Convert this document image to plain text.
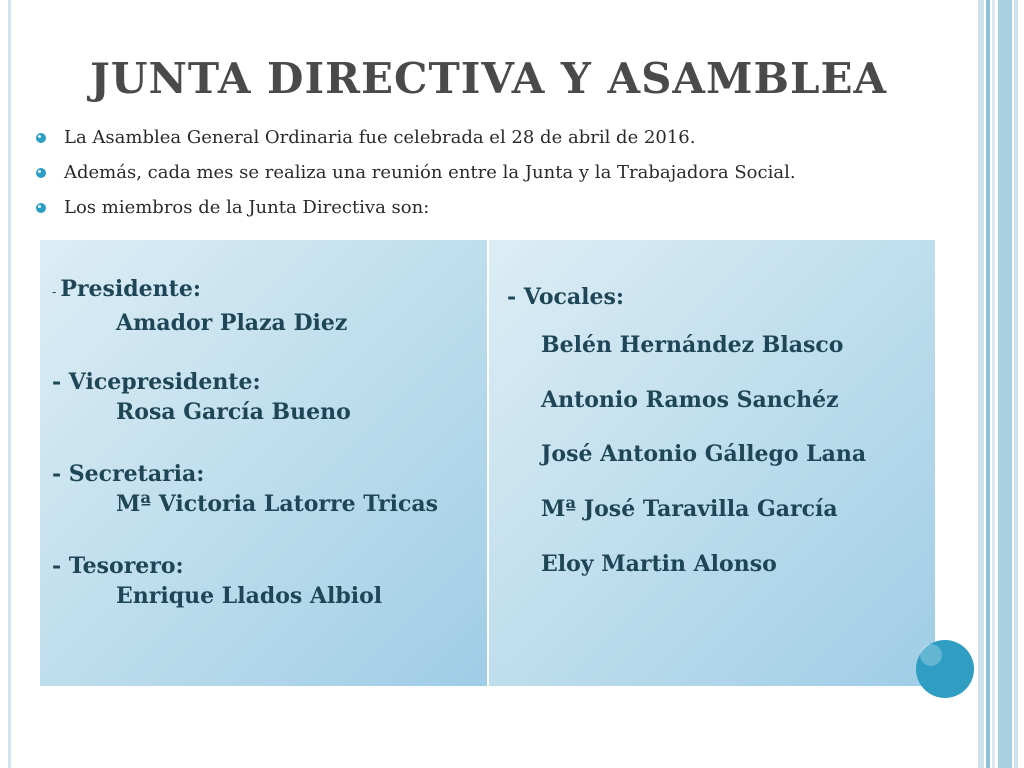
JUNTA DIRECTIVA Y ASAMBLEA
La Asamblea General Ordinaria fue celebrada el 28 de abril de 2016.
Además, cada mes se realiza una reunión entre la Junta y la Trabajadora Social.
Los miembros de la Junta Directiva son:
- Presidente:
Amador Plaza Diez
- Vicepresidente:
Rosa García Bueno
- Secretaria:
Mª Victoria Latorre Tricas
- Tesorero:
Enrique Llados Albiol
- Vocales:
Belén Hernández Blasco
Antonio Ramos Sanchéz
José Antonio Gállego Lana
Mª José Taravilla García
Eloy Martin Alonso
